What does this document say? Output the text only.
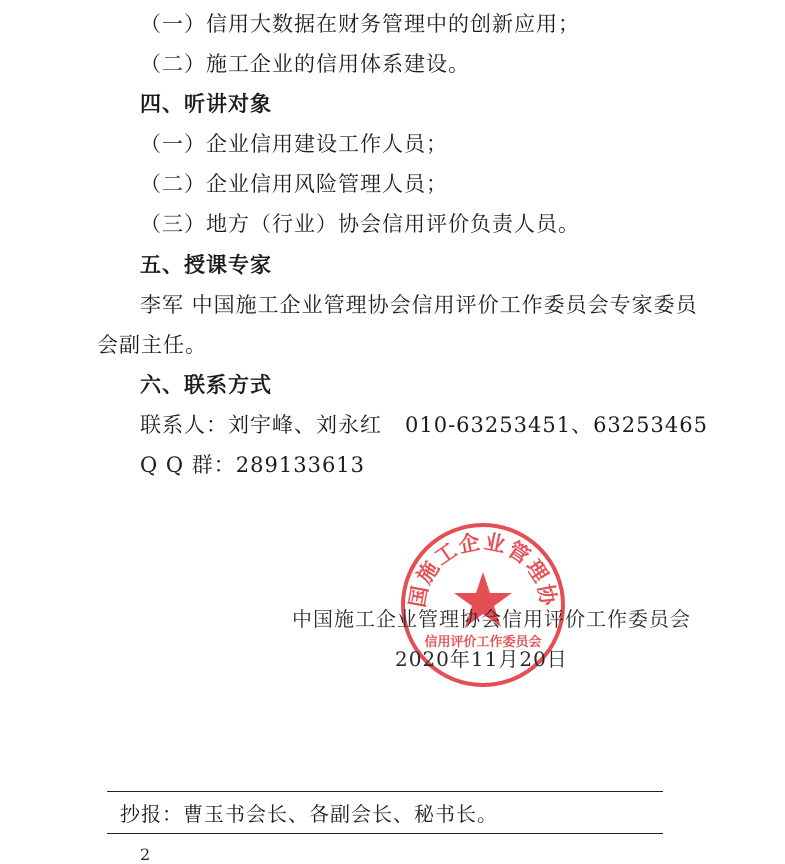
（一）信用大数据在财务管理中的创新应用；
（二）施工企业的信用体系建设。
四、听讲对象
（一）企业信用建设工作人员；
（二）企业信用风险管理人员；
（三）地方（行业）协会信用评价负责人员。
五、授课专家
李军 中国施工企业管理协会信用评价工作委员会专家委员
会副主任。
六、联系方式
联系人：刘宇峰、刘永红 010-63253451、63253465
Q Q 群：289133613
国施工企业管理协
信用评价工作委员会
中国施工企业管理协会信用评价工作委员会
2020年11月20日
抄报：曹玉书会长、各副会长、秘书长。
2
